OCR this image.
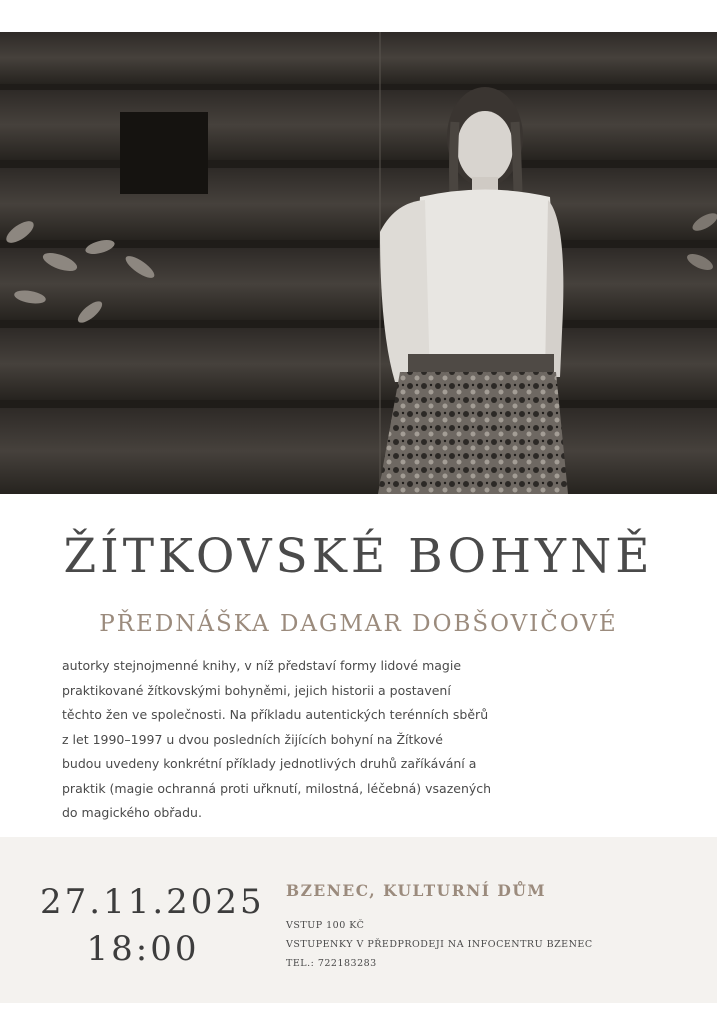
ŽÍTKOVSKÉ BOHYNĚ
PŘEDNÁŠKA DAGMAR DOBŠOVIČOVÉ
autorky stejnojmenné knihy, v níž představí formy lidové magie
praktikované žítkovskými bohyněmi, jejich historii a postavení
těchto žen ve společnosti. Na příkladu autentických terénních sběrů
z let 1990–1997 u dvou posledních žijících bohyní na Žítkové
budou uvedeny konkrétní příklady jednotlivých druhů zaříkávání a
praktik (magie ochranná proti uřknutí, milostná, léčebná) vsazených
do magického obřadu.
27.11.2025
18:00
BZENEC, KULTURNÍ DŮM
VSTUP 100 KČ
VSTUPENKY V PŘEDPRODEJI NA INFOCENTRU BZENEC
TEL.: 722183283
